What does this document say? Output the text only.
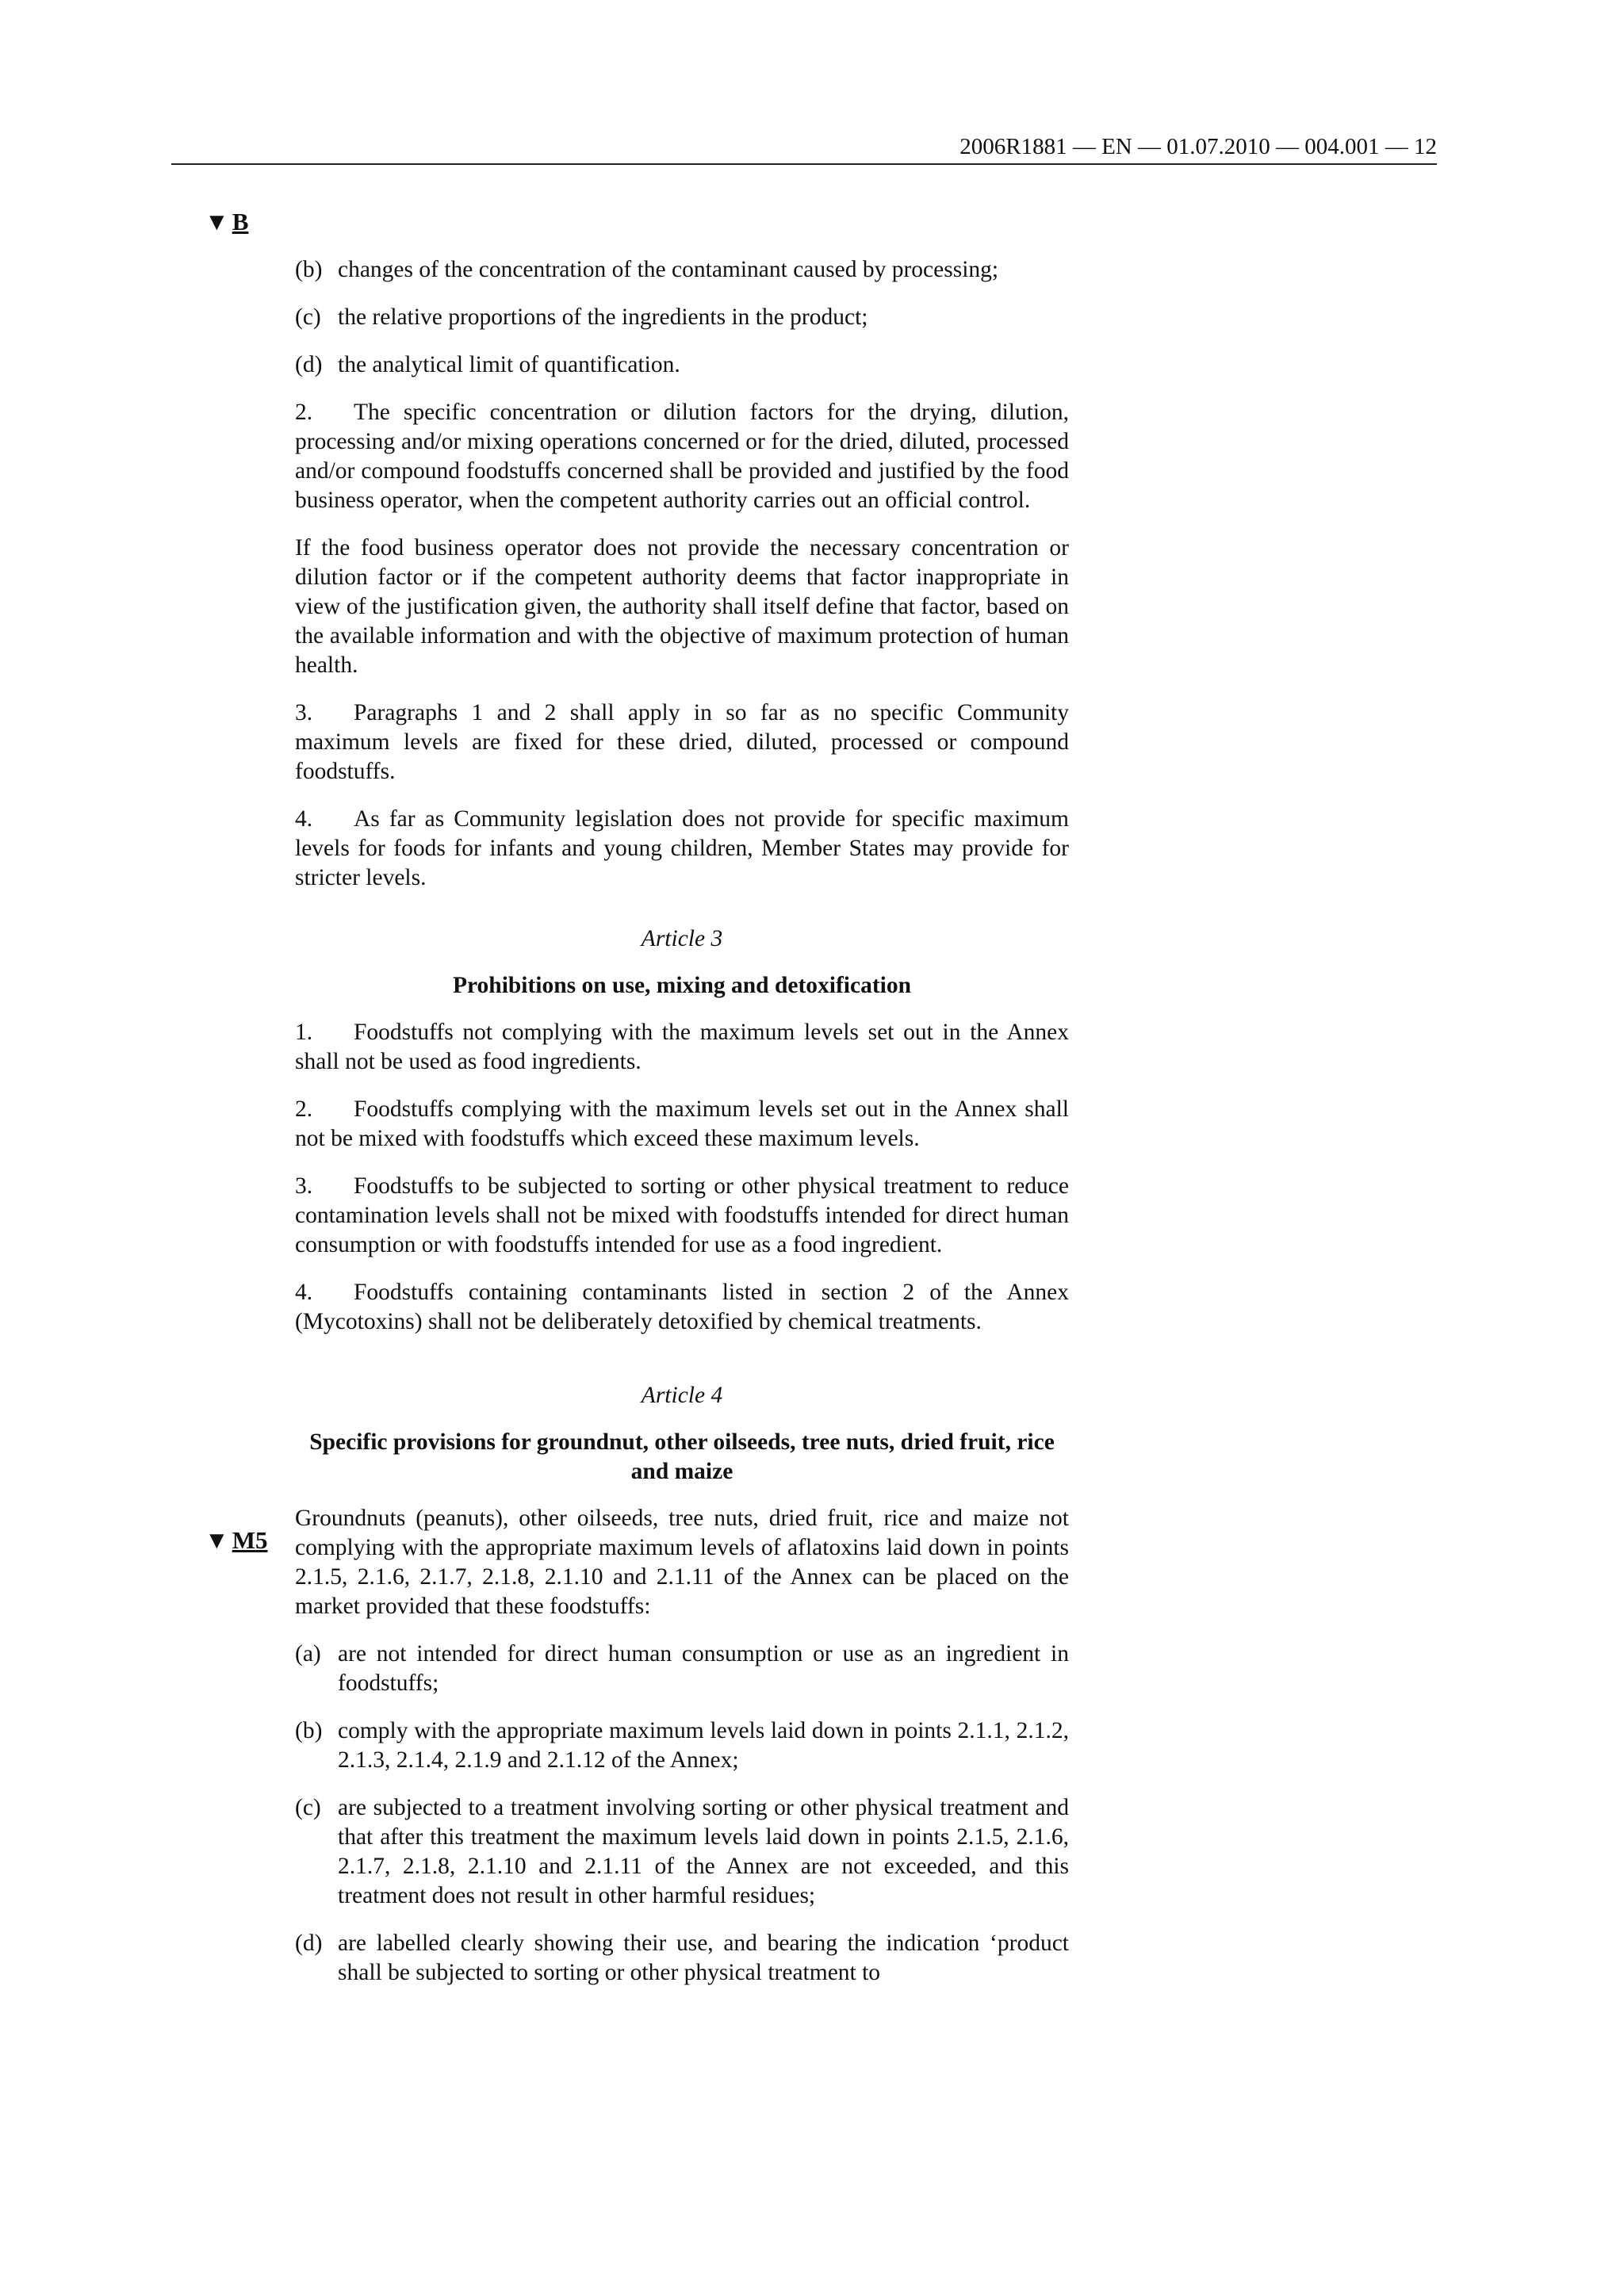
2006R1881 — EN — 01.07.2010 — 004.001 — 12
▼ B
▼ M5
(b) changes of the concentration of the contaminant caused by processing;
(c) the relative proportions of the ingredients in the product;
(d) the analytical limit of quantification.

2. The specific concentration or dilution factors for the drying, dilution, processing and/or mixing operations concerned or for the dried, diluted, processed and/or compound foodstuffs concerned shall be provided and justified by the food business operator, when the competent authority carries out an official control.

If the food business operator does not provide the necessary concentration or dilution factor or if the competent authority deems that factor inappropriate in view of the justification given, the authority shall itself define that factor, based on the available information and with the objective of maximum protection of human health.

3. Paragraphs 1 and 2 shall apply in so far as no specific Community maximum levels are fixed for these dried, diluted, processed or compound foodstuffs.

4. As far as Community legislation does not provide for specific maximum levels for foods for infants and young children, Member States may provide for stricter levels.

Article 3
Prohibitions on use, mixing and detoxification

1. Foodstuffs not complying with the maximum levels set out in the Annex shall not be used as food ingredients.

2. Foodstuffs complying with the maximum levels set out in the Annex shall not be mixed with foodstuffs which exceed these maximum levels.

3. Foodstuffs to be subjected to sorting or other physical treatment to reduce contamination levels shall not be mixed with foodstuffs intended for direct human consumption or with foodstuffs intended for use as a food ingredient.

4. Foodstuffs containing contaminants listed in section 2 of the Annex (Mycotoxins) shall not be deliberately detoxified by chemical treatments.

Article 4
Specific provisions for groundnut, other oilseeds, tree nuts, dried fruit, rice and maize

Groundnuts (peanuts), other oilseeds, tree nuts, dried fruit, rice and maize not complying with the appropriate maximum levels of aflatoxins laid down in points 2.1.5, 2.1.6, 2.1.7, 2.1.8, 2.1.10 and 2.1.11 of the Annex can be placed on the market provided that these foodstuffs:

(a) are not intended for direct human consumption or use as an ingredient in foodstuffs;
(b) comply with the appropriate maximum levels laid down in points 2.1.1, 2.1.2, 2.1.3, 2.1.4, 2.1.9 and 2.1.12 of the Annex;
(c) are subjected to a treatment involving sorting or other physical treatment and that after this treatment the maximum levels laid down in points 2.1.5, 2.1.6, 2.1.7, 2.1.8, 2.1.10 and 2.1.11 of the Annex are not exceeded, and this treatment does not result in other harmful residues;
(d) are labelled clearly showing their use, and bearing the indication ‘product shall be subjected to sorting or other physical treatment to
